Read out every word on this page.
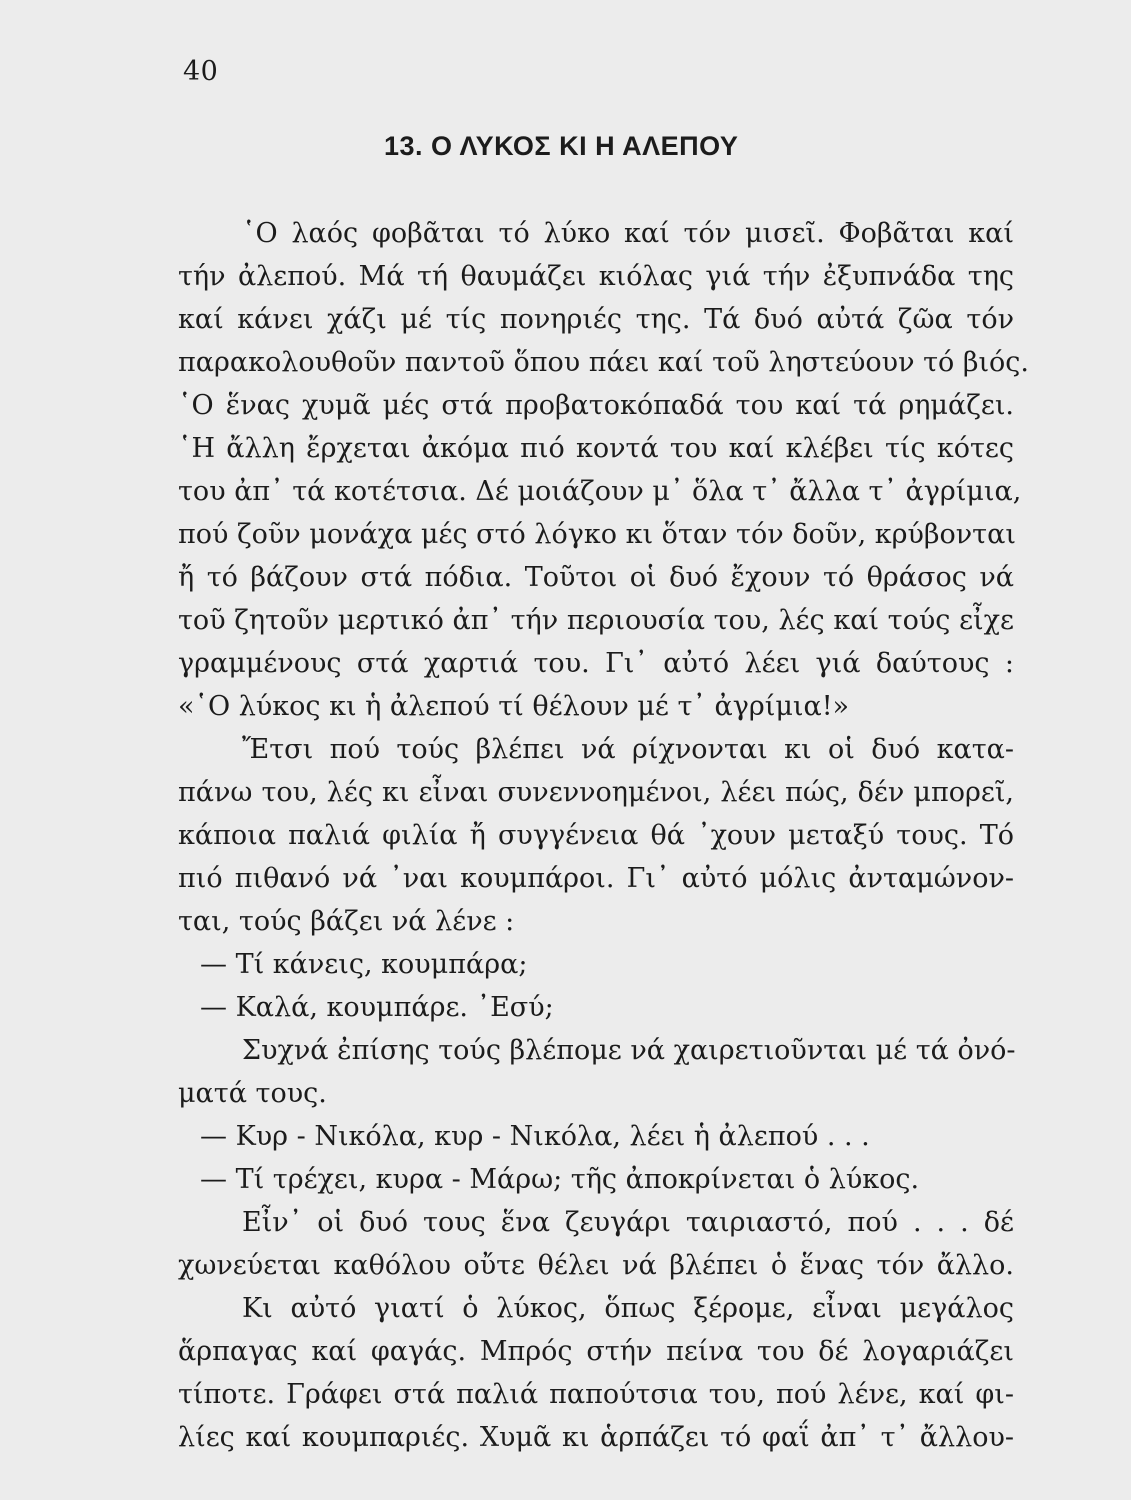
40
13. Ο ΛΥΚΟΣ ΚΙ Η ΑΛΕΠΟΥ
῾Ο λαός φοβᾶται τό λύκο καί τόν μισεῖ. Φοβᾶται καί
τήν ἀλεπού. Μά τή θαυμάζει κιόλας γιά τήν ἐξυπνάδα της
καί κάνει χάζι μέ τίς πονηριές της. Τά δυό αὐτά ζῶα τόν
παρακολουθοῦν παντοῦ ὅπου πάει καί τοῦ ληστεύουν τό βιός.
῾Ο ἕνας χυμᾶ μές στά προβατοκόπαδά του καί τά ρημάζει.
῾Η ἄλλη ἔρχεται ἀκόμα πιό κοντά του καί κλέβει τίς κότες
του ἀπ᾽ τά κοτέτσια. Δέ μοιάζουν μ᾽ ὅλα τ᾽ ἄλλα τ᾽ ἀγρίμια,
πού ζοῦν μονάχα μές στό λόγκο κι ὅταν τόν δοῦν, κρύβονται
ἤ τό βάζουν στά πόδια. Τοῦτοι οἱ δυό ἔχουν τό θράσος νά
τοῦ ζητοῦν μερτικό ἀπ᾽ τήν περιουσία του, λές καί τούς εἶχε
γραμμένους στά χαρτιά του. Γι᾽ αὐτό λέει γιά δαύτους :
«῾Ο λύκος κι ἡ ἀλεπού τί θέλουν μέ τ᾽ ἀγρίμια!»
Ἔτσι πού τούς βλέπει νά ρίχνονται κι οἱ δυό κατα-
πάνω του, λές κι εἶναι συνεννοημένοι, λέει πώς, δέν μπορεῖ,
κάποια παλιά φιλία ἤ συγγένεια θά ᾽χουν μεταξύ τους. Τό
πιό πιθανό νά ᾽ναι κουμπάροι. Γι᾽ αὐτό μόλις ἀνταμώνον-
ται, τούς βάζει νά λένε :
— Τί κάνεις, κουμπάρα;
— Καλά, κουμπάρε. ᾽Εσύ;
Συχνά ἐπίσης τούς βλέπομε νά χαιρετιοῦνται μέ τά ὀνό-
ματά τους.
— Κυρ - Νικόλα, κυρ - Νικόλα, λέει ἡ ἀλεπού . . .
— Τί τρέχει, κυρα - Μάρω; τῆς ἀποκρίνεται ὁ λύκος.
Εἶν᾽ οἱ δυό τους ἕνα ζευγάρι ταιριαστό, πού . . . δέ
χωνεύεται καθόλου οὔτε θέλει νά βλέπει ὁ ἕνας τόν ἄλλο.
Κι αὐτό γιατί ὁ λύκος, ὅπως ξέρομε, εἶναι μεγάλος
ἅρπαγας καί φαγάς. Μπρός στήν πείνα του δέ λογαριάζει
τίποτε. Γράφει στά παλιά παπούτσια του, πού λένε, καί φι-
λίες καί κουμπαριές. Χυμᾶ κι ἁρπάζει τό φαΐ ἀπ᾽ τ᾽ ἄλλου-
